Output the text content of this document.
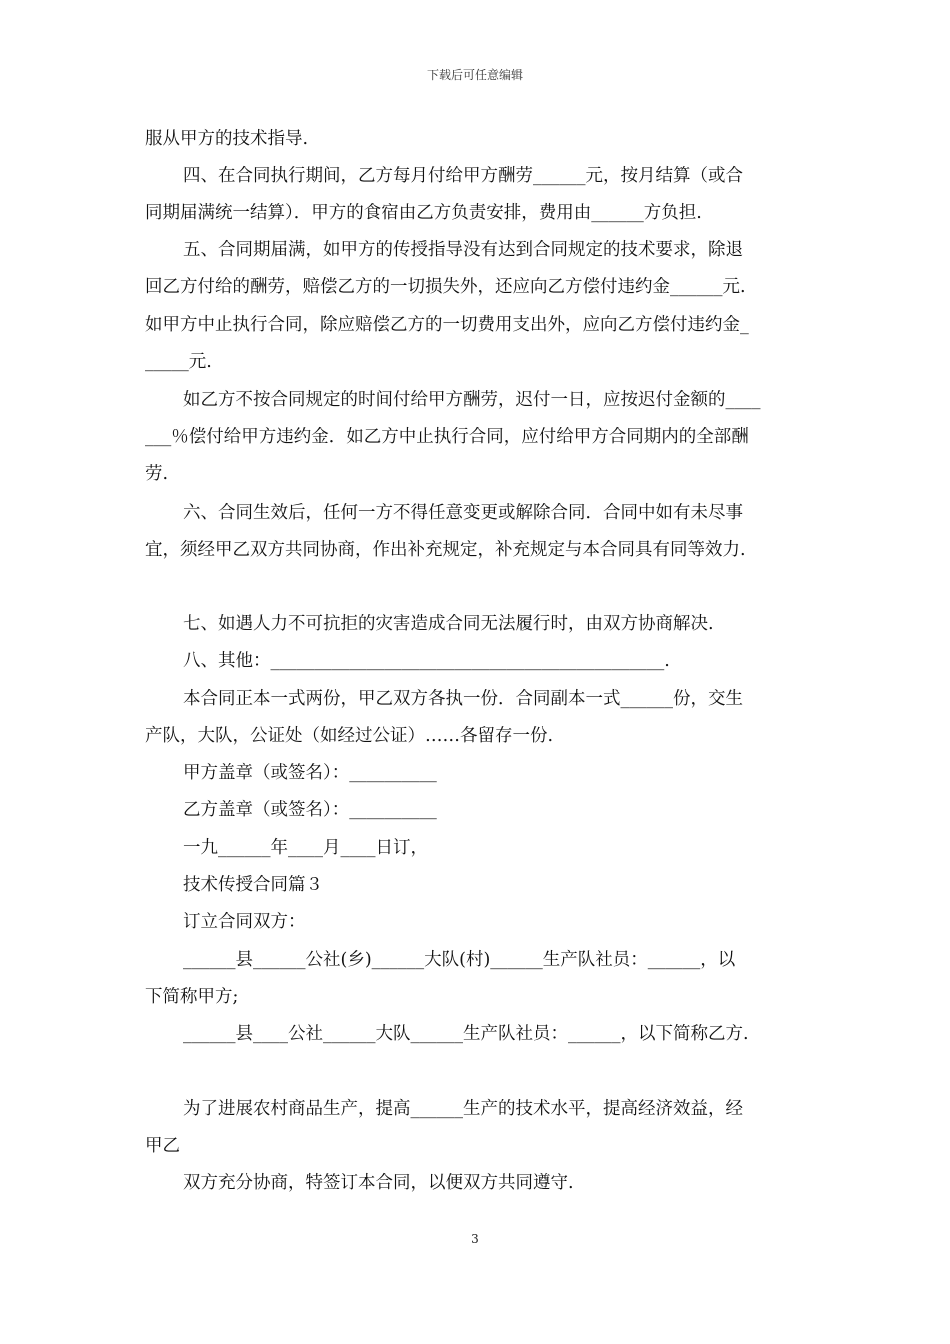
下载后可任意编辑
服从甲方的技术指导.
四、在合同执行期间，乙方每月付给甲方酬劳______元，按月结算（或合
同期届满统一结算）．甲方的食宿由乙方负责安排，费用由______方负担.
五、合同期届满，如甲方的传授指导没有达到合同规定的技术要求，除退
回乙方付给的酬劳，赔偿乙方的一切损失外，还应向乙方偿付违约金______元.
如甲方中止执行合同，除应赔偿乙方的一切费用支出外，应向乙方偿付违约金_
_____元.
如乙方不按合同规定的时间付给甲方酬劳，迟付一日，应按迟付金额的____
___％偿付给甲方违约金．如乙方中止执行合同，应付给甲方合同期内的全部酬
劳.
六、合同生效后，任何一方不得任意变更或解除合同．合同中如有未尽事
宜，须经甲乙双方共同协商，作出补充规定，补充规定与本合同具有同等效力.
七、如遇人力不可抗拒的灾害造成合同无法履行时，由双方协商解决.
八、其他：_____________________________________________.
本合同正本一式两份，甲乙双方各执一份．合同副本一式______份，交生
产队，大队，公证处（如经过公证）……各留存一份.
甲方盖章（或签名）：__________
乙方盖章（或签名）：__________
一九______年____月____日订，
技术传授合同篇３
订立合同双方：
______县______公社(乡)______大队(村)______生产队社员：______，以
下简称甲方;
______县____公社______大队______生产队社员：______，以下简称乙方.
为了进展农村商品生产，提高______生产的技术水平，提高经济效益，经
甲乙
双方充分协商，特签订本合同，以便双方共同遵守.
3
